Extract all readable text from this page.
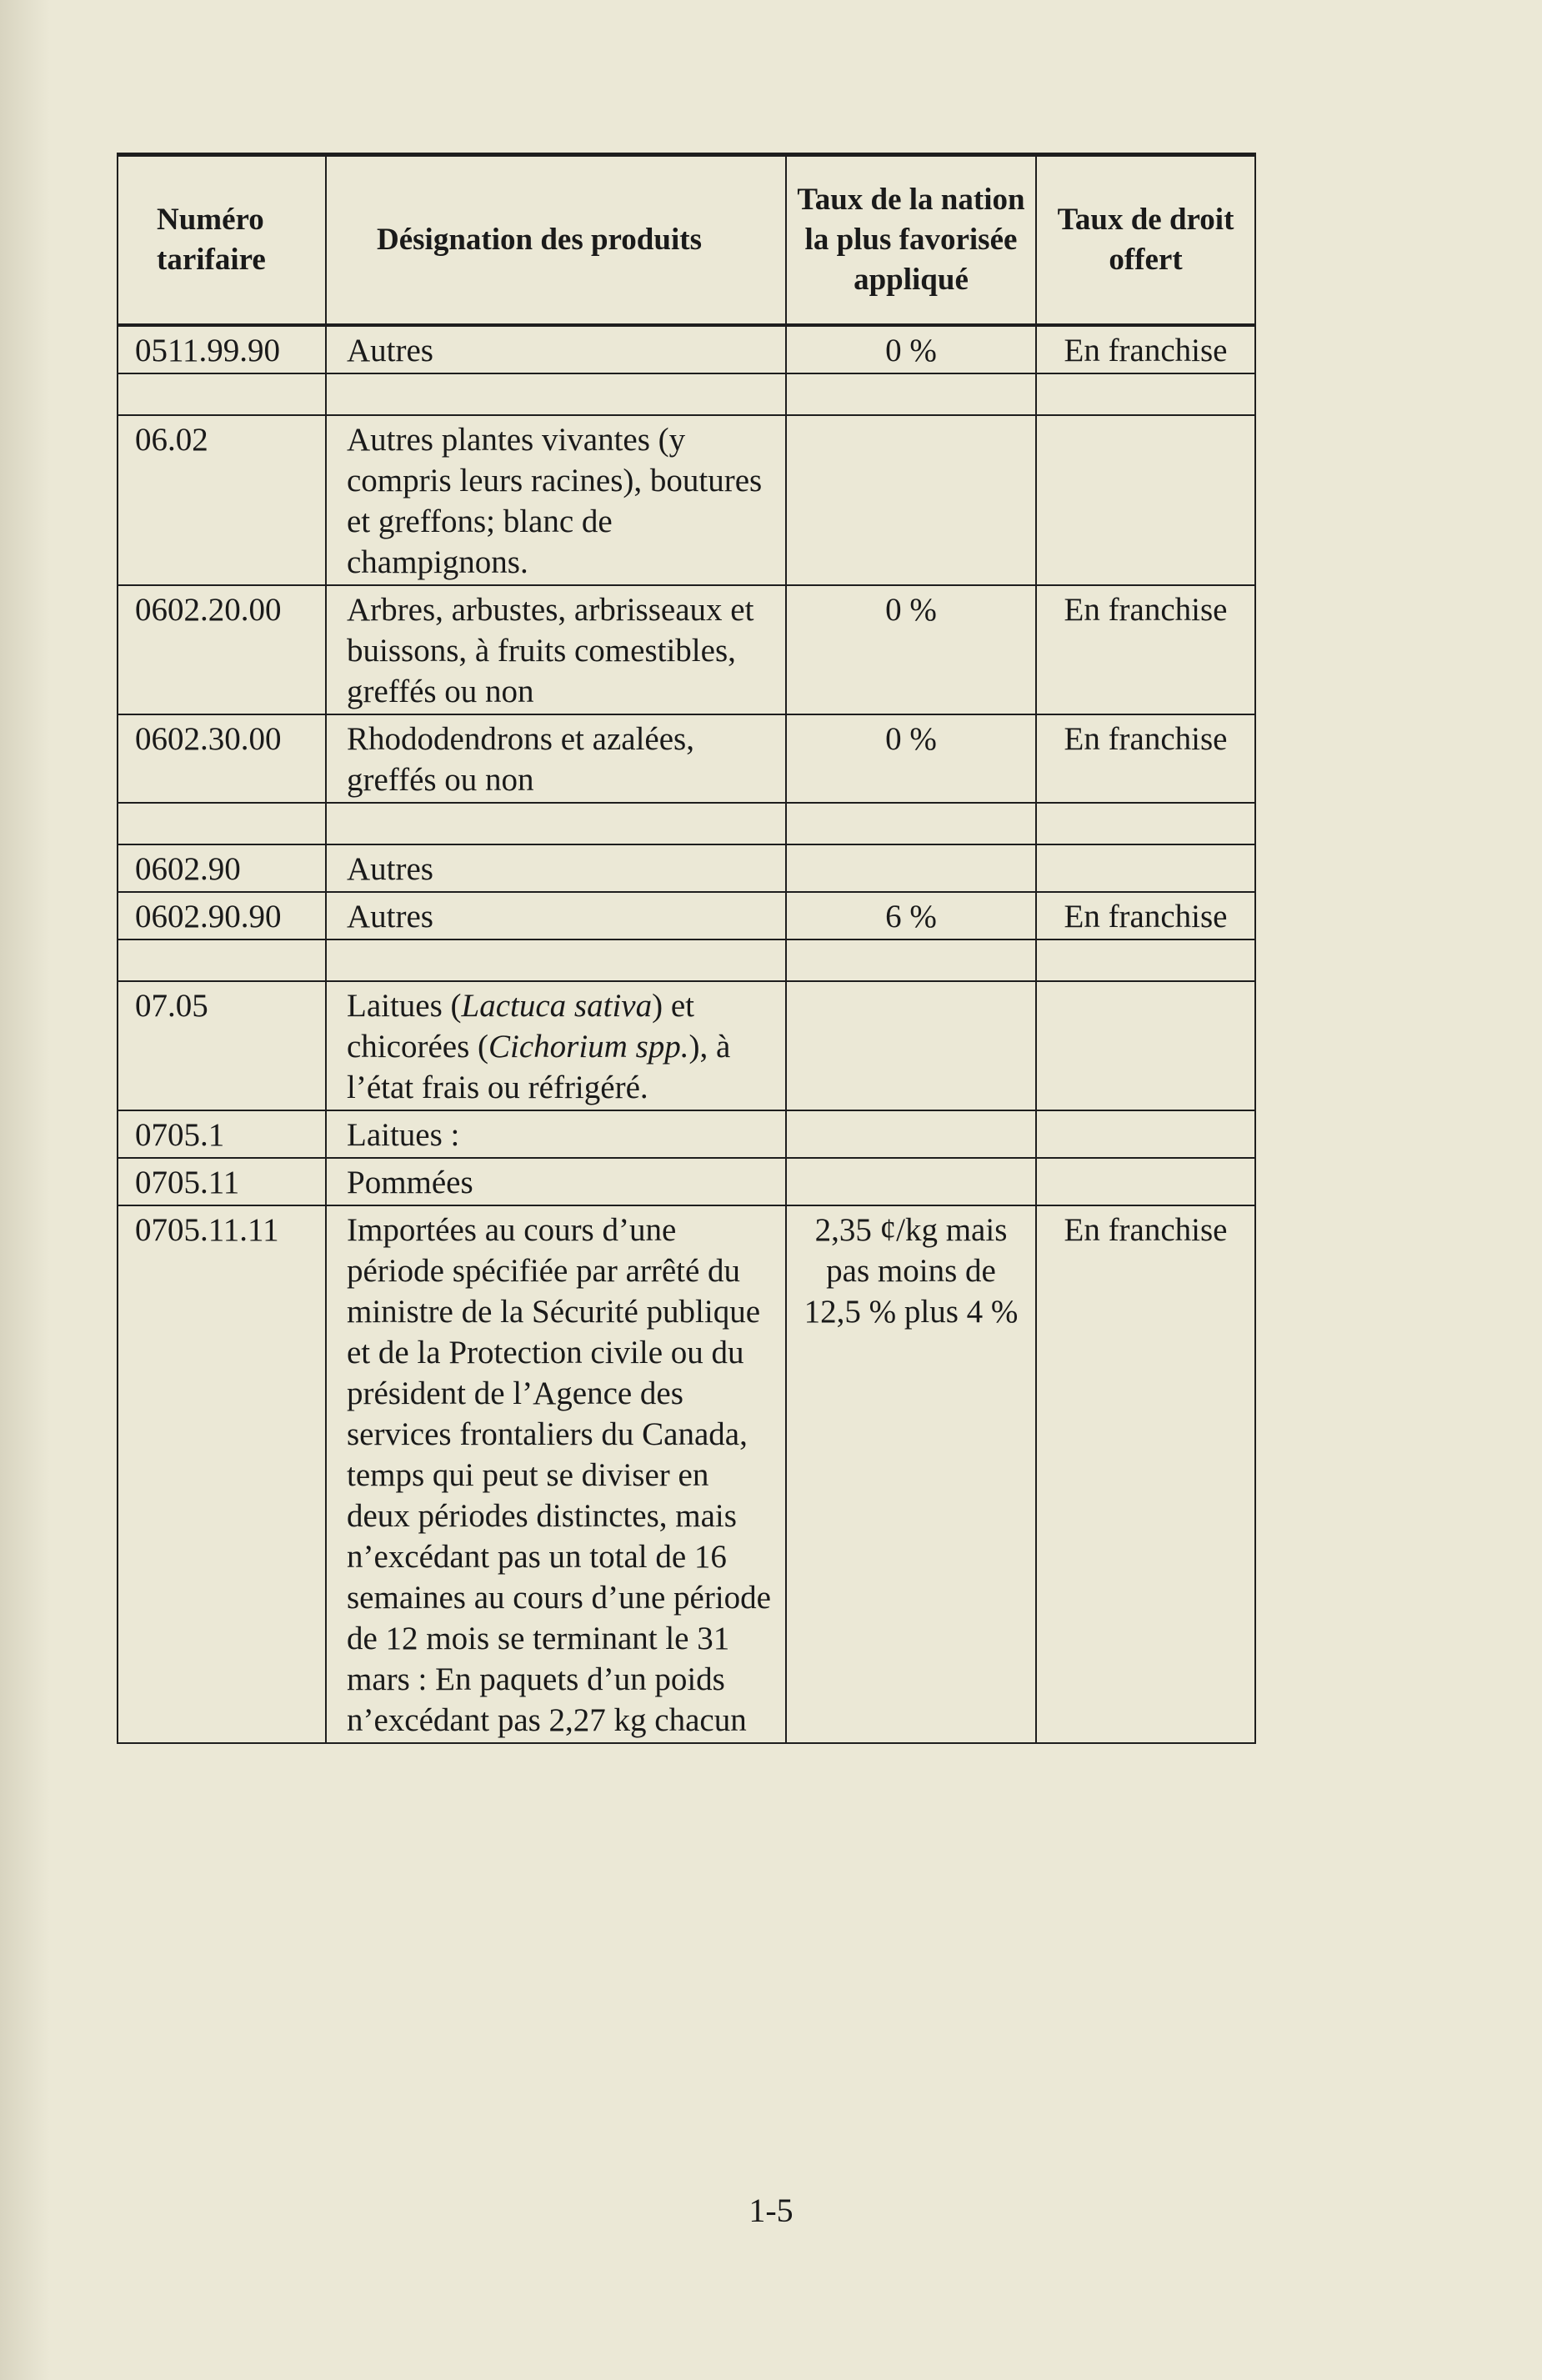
Numéro tarifaire	Désignation des produits	Taux de la nation la plus favorisée appliqué	Taux de droit offert
0511.99.90	Autres	0 %	En franchise

06.02	Autres plantes vivantes (y compris leurs racines), boutures et greffons; blanc de champignons.		
0602.20.00	Arbres, arbustes, arbrisseaux et buissons, à fruits comestibles, greffés ou non	0 %	En franchise
0602.30.00	Rhododendrons et azalées, greffés ou non	0 %	En franchise

0602.90	Autres		
0602.90.90	Autres	6 %	En franchise

07.05	Laitues (Lactuca sativa) et chicorées (Cichorium spp.), à l’état frais ou réfrigéré.		
0705.1	Laitues :		
0705.11	Pommées		
0705.11.11	Importées au cours d’une période spécifiée par arrêté du ministre de la Sécurité publique et de la Protection civile ou du président de l’Agence des services frontaliers du Canada, temps qui peut se diviser en deux périodes distinctes, mais n’excédant pas un total de 16 semaines au cours d’une période de 12 mois se terminant le 31 mars : En paquets d’un poids n’excédant pas 2,27 kg chacun	2,35 ¢/kg mais pas moins de 12,5 % plus 4 %	En franchise
1-5
